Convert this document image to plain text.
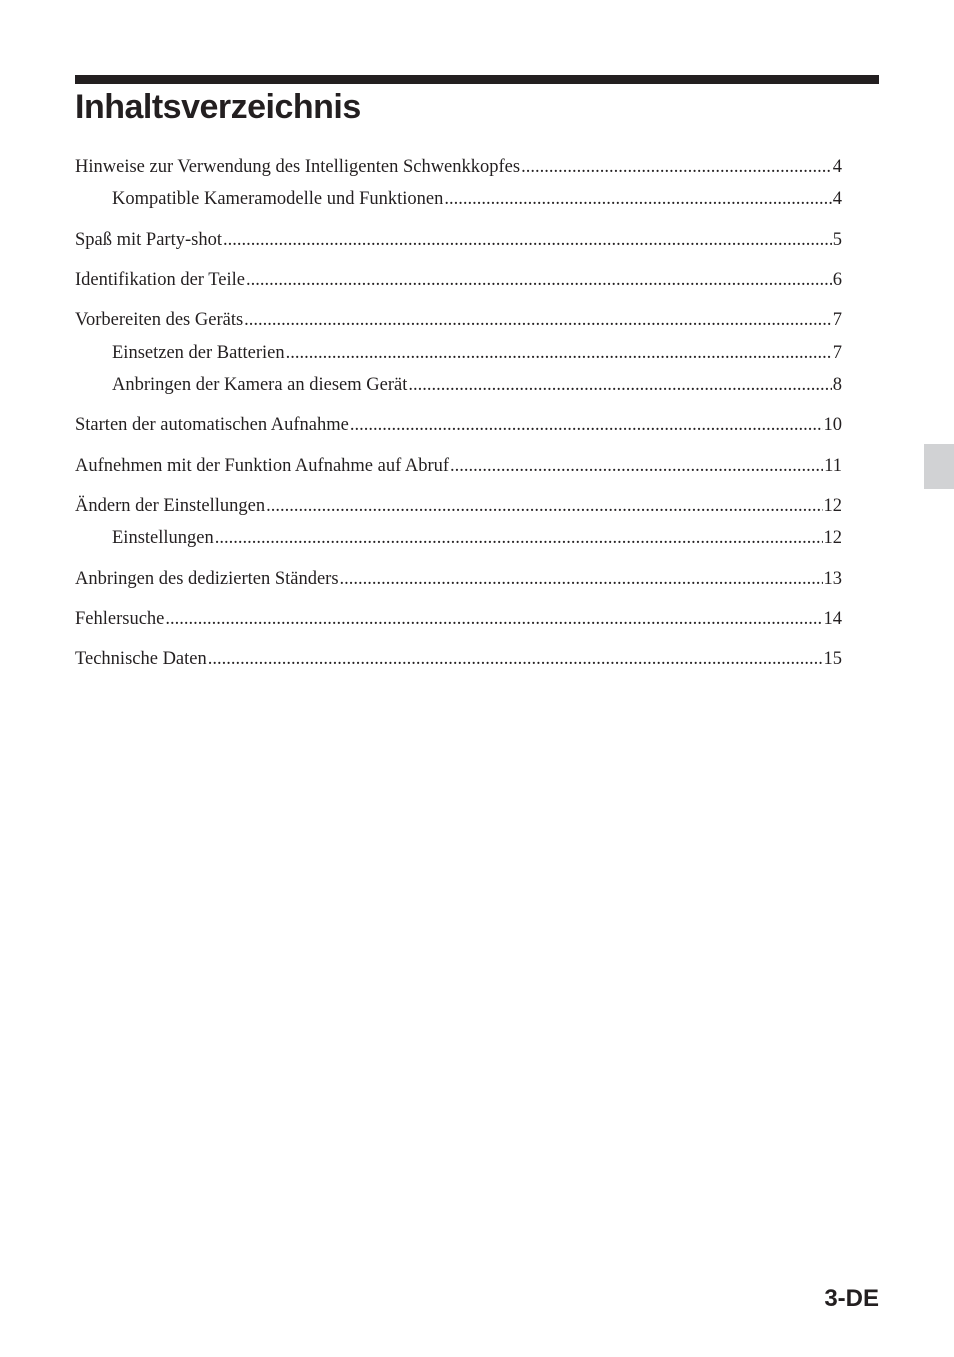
Inhaltsverzeichnis
Hinweise zur Verwendung des Intelligenten Schwenkkopfes .....	4
Kompatible Kameramodelle und Funktionen .....	4
Spaß mit Party-shot .....	5
Identifikation der Teile .....	6
Vorbereiten des Geräts .....	7
Einsetzen der Batterien .....	7
Anbringen der Kamera an diesem Gerät .....	8
Starten der automatischen Aufnahme .....	10
Aufnehmen mit der Funktion Aufnahme auf Abruf .....	11
Ändern der Einstellungen .....	12
Einstellungen .....	12
Anbringen des dedizierten Ständers .....	13
Fehlersuche .....	14
Technische Daten .....	15
3-DE
